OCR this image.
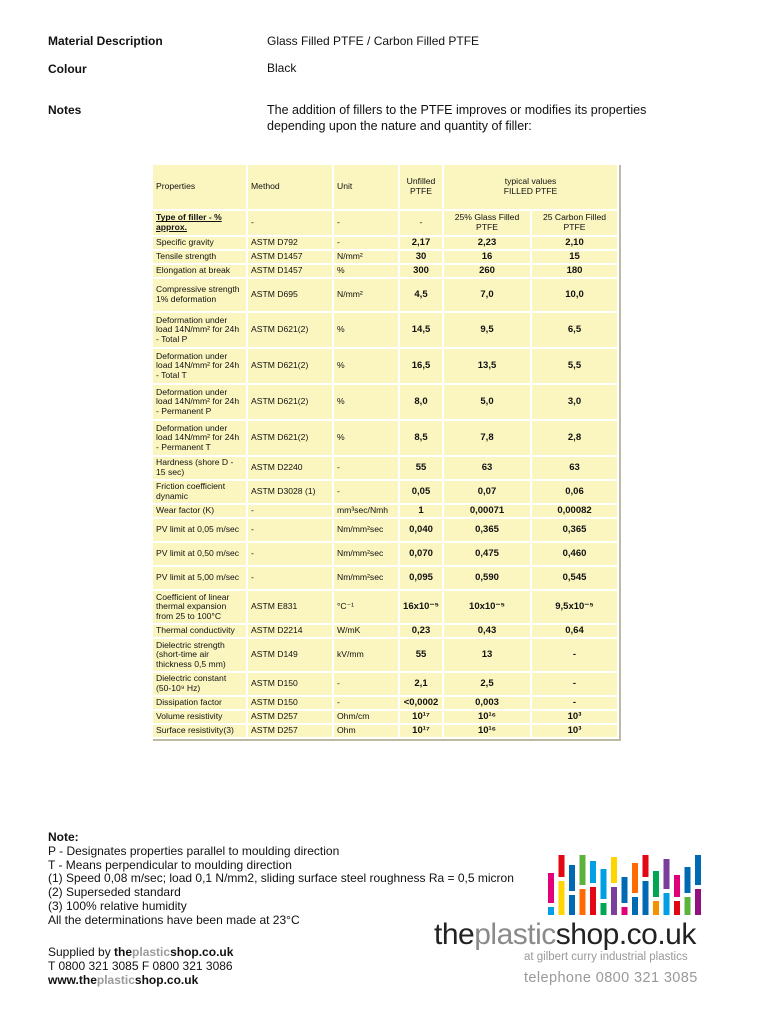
Material Description	Glass Filled PTFE / Carbon Filled PTFE
Colour	Black
Notes	The addition of fillers to the PTFE improves or modifies its properties depending upon the nature and quantity of filler:
Properties	Method	Unit	Unfilled PTFE	typical values
FILLED PTFE	
Type of filler - % approx.	-	-	-	25% Glass Filled PTFE	25 Carbon Filled PTFE
Specific gravity	ASTM D792	-	2,17	2,23	2,10
Tensile strength	ASTM D1457	N/mm²	30	16	15
Elongation at break	ASTM D1457	%	300	260	180
Compressive strength 1% deformation	ASTM D695	N/mm²	4,5	7,0	10,0
Deformation under load 14N/mm² for 24h - Total P	ASTM D621(2)	%	14,5	9,5	6,5
Deformation under load 14N/mm² for 24h - Total T	ASTM D621(2)	%	16,5	13,5	5,5
Deformation under load 14N/mm² for 24h - Permanent P	ASTM D621(2)	%	8,0	5,0	3,0
Deformation under load 14N/mm² for 24h - Permanent T	ASTM D621(2)	%	8,5	7,8	2,8
Hardness (shore D - 15 sec)	ASTM D2240	-	55	63	63
Friction coefficient dynamic	ASTM D3028 (1)	-	0,05	0,07	0,06
Wear factor (K)	-	mm³sec/Nmh	1	0,00071	0,00082
PV limit at 0,05 m/sec	-	Nm/mm²sec	0,040	0,365	0,365
PV limit at 0,50 m/sec	-	Nm/mm²sec	0,070	0,475	0,460
PV limit at 5,00 m/sec	-	Nm/mm²sec	0,095	0,590	0,545
Coefficient of linear thermal expansion from 25 to 100°C	ASTM E831	°C⁻¹	16x10⁻⁵	10x10⁻⁵	9,5x10⁻⁵
Thermal conductivity	ASTM D2214	W/mK	0,23	0,43	0,64
Dielectric strength (short-time air thickness 0,5 mm)	ASTM D149	kV/mm	55	13	-
Dielectric constant (50-10⁹ Hz)	ASTM D150	-	2,1	2,5	-
Dissipation factor	ASTM D150	-	<0,0002	0,003	-
Volume resistivity	ASTM D257	Ohm/cm	10¹⁷	10¹⁶	10³
Surface resistivity(3)	ASTM D257	Ohm	10¹⁷	10¹⁶	10³
Note:
P - Designates properties parallel to moulding direction
T - Means perpendicular to moulding direction
(1) Speed 0,08 m/sec; load 0,1 N/mm2, sliding surface steel roughness Ra = 0,5 micron
(2) Superseded standard
(3) 100% relative humidity
All the determinations have been made at 23°C
Supplied by theplasticshop.co.uk
T 0800 321 3085 F 0800 321 3086
www.theplasticshop.co.uk
theplasticshop.co.uk
at gilbert curry industrial plastics
telephone 0800 321 3085
